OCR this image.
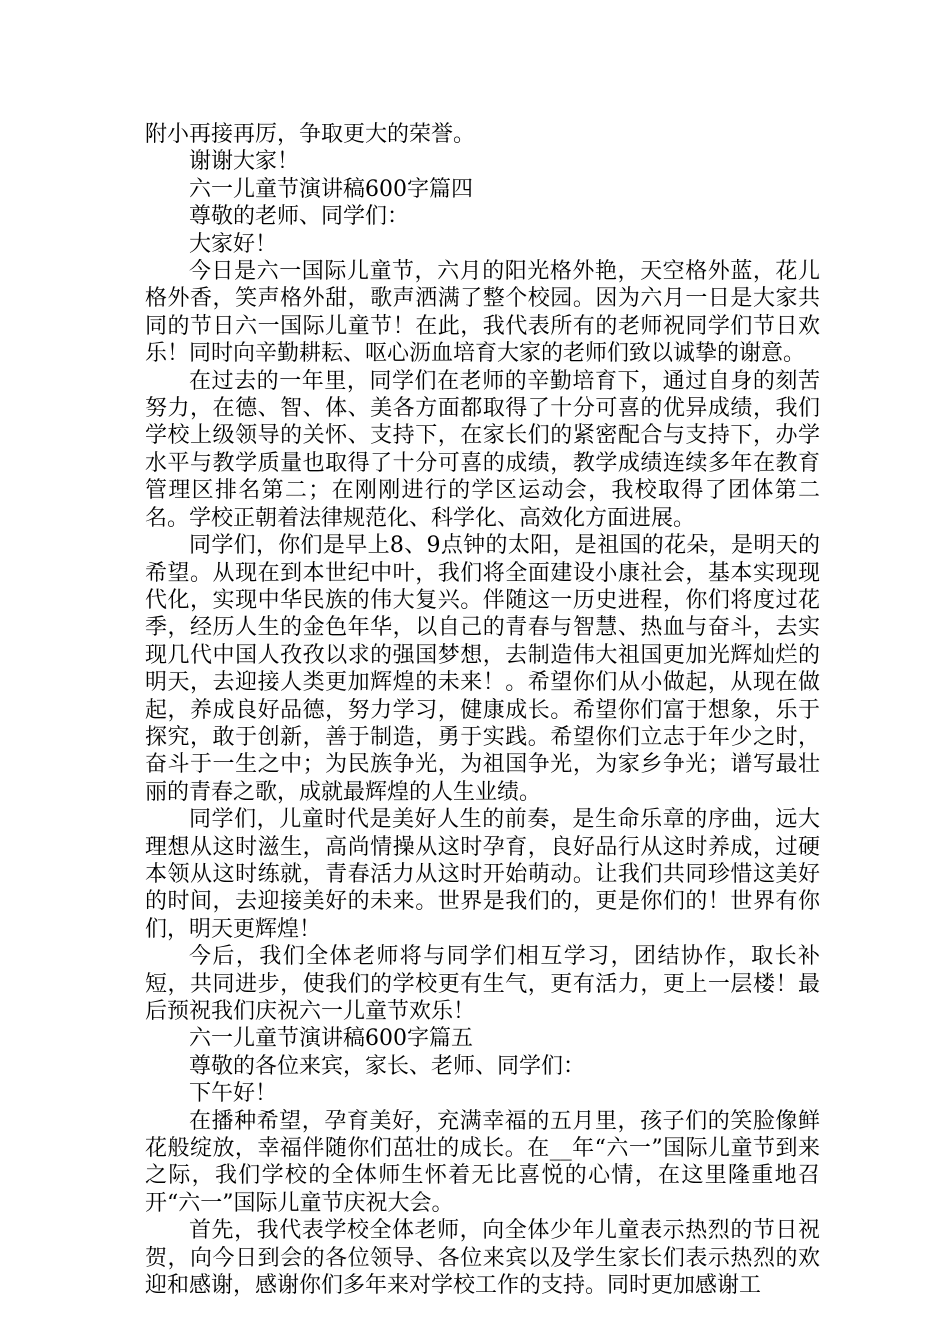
附小再接再厉，争取更大的荣誉。

谢谢大家！

六一儿童节演讲稿600字篇四

尊敬的老师、同学们：

大家好！

今日是六一国际儿童节，六月的阳光格外艳，天空格外蓝，花儿格外香，笑声格外甜，歌声洒满了整个校园。因为六月一日是大家共同的节日六一国际儿童节！在此，我代表所有的老师祝同学们节日欢乐！同时向辛勤耕耘、呕心沥血培育大家的老师们致以诚挚的谢意。

在过去的一年里，同学们在老师的辛勤培育下，通过自身的刻苦努力，在德、智、体、美各方面都取得了十分可喜的优异成绩，我们学校上级领导的关怀、支持下，在家长们的紧密配合与支持下，办学水平与教学质量也取得了十分可喜的成绩，教学成绩连续多年在教育管理区排名第二；在刚刚进行的学区运动会，我校取得了团体第二名。学校正朝着法律规范化、科学化、高效化方面进展。

同学们，你们是早上8、9点钟的太阳，是祖国的花朵，是明天的希望。从现在到本世纪中叶，我们将全面建设小康社会，基本实现现代化，实现中华民族的伟大复兴。伴随这一历史进程，你们将度过花季，经历人生的金色年华，以自己的青春与智慧、热血与奋斗，去实现几代中国人孜孜以求的强国梦想，去制造伟大祖国更加光辉灿烂的明天，去迎接人类更加辉煌的未来！。希望你们从小做起，从现在做起，养成良好品德，努力学习，健康成长。希望你们富于想象，乐于探究，敢于创新，善于制造，勇于实践。希望你们立志于年少之时，奋斗于一生之中；为民族争光，为祖国争光，为家乡争光；谱写最壮丽的青春之歌，成就最辉煌的人生业绩。

同学们，儿童时代是美好人生的前奏，是生命乐章的序曲，远大理想从这时滋生，高尚情操从这时孕育，良好品行从这时养成，过硬本领从这时练就，青春活力从这时开始萌动。让我们共同珍惜这美好的时间，去迎接美好的未来。世界是我们的，更是你们的！世界有你们，明天更辉煌！

今后，我们全体老师将与同学们相互学习，团结协作，取长补短，共同进步，使我们的学校更有生气，更有活力，更上一层楼！最后预祝我们庆祝六一儿童节欢乐！

六一儿童节演讲稿600字篇五

尊敬的各位来宾，家长、老师、同学们：

下午好！

在播种希望，孕育美好，充满幸福的五月里，孩子们的笑脸像鲜花般绽放，幸福伴随你们茁壮的成长。在__年“六一”国际儿童节到来之际，我们学校的全体师生怀着无比喜悦的心情，在这里隆重地召开“六一”国际儿童节庆祝大会。

首先，我代表学校全体老师，向全体少年儿童表示热烈的节日祝贺，向今日到会的各位领导、各位来宾以及学生家长们表示热烈的欢迎和感谢，感谢你们多年来对学校工作的支持。同时更加感谢工
